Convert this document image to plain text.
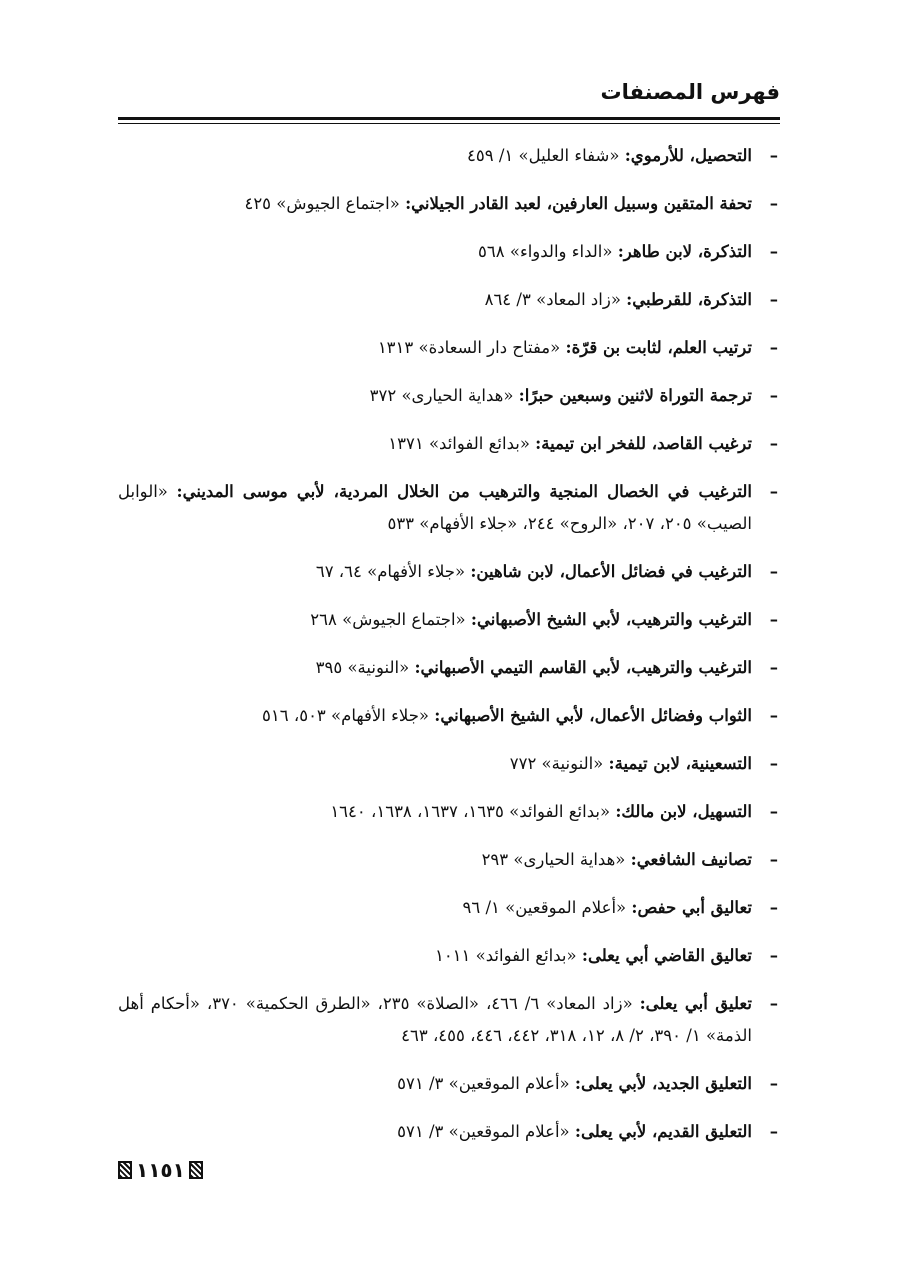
فهرس المصنفات
– التحصيل، للأرموي: «شفاء العليل» ١/ ٤٥٩
– تحفة المتقين وسبيل العارفين، لعبد القادر الجيلاني: «اجتماع الجيوش» ٤٢٥
– التذكرة، لابن طاهر: «الداء والدواء» ٥٦٨
– التذكرة، للقرطبي: «زاد المعاد» ٣/ ٨٦٤
– ترتيب العلم، لثابت بن قرّة: «مفتاح دار السعادة» ١٣١٣
– ترجمة التوراة لاثنين وسبعين حبرًا: «هداية الحيارى» ٣٧٢
– ترغيب القاصد، للفخر ابن تيمية: «بدائع الفوائد» ١٣٧١
– الترغيب في الخصال المنجية والترهيب من الخلال المردية، لأبي موسى المديني: «الوابل الصيب» ٢٠٥، ٢٠٧، «الروح» ٢٤٤، «جلاء الأفهام» ٥٣٣
– الترغيب في فضائل الأعمال، لابن شاهين: «جلاء الأفهام» ٦٤، ٦٧
– الترغيب والترهيب، لأبي الشيخ الأصبهاني: «اجتماع الجيوش» ٢٦٨
– الترغيب والترهيب، لأبي القاسم التيمي الأصبهاني: «النونية» ٣٩٥
– الثواب وفضائل الأعمال، لأبي الشيخ الأصبهاني: «جلاء الأفهام» ٥٠٣، ٥١٦
– التسعينية، لابن تيمية: «النونية» ٧٧٢
– التسهيل، لابن مالك: «بدائع الفوائد» ١٦٣٥، ١٦٣٧، ١٦٣٨، ١٦٤٠
– تصانيف الشافعي: «هداية الحيارى» ٢٩٣
– تعاليق أبي حفص: «أعلام الموقعين» ١/ ٩٦
– تعاليق القاضي أبي يعلى: «بدائع الفوائد» ١٠١١
– تعليق أبي يعلى: «زاد المعاد» ٦/ ٤٦٦، «الصلاة» ٢٣٥، «الطرق الحكمية» ٣٧٠، «أحكام أهل الذمة» ١/ ٣٩٠، ٢/ ٨، ١٢، ٣١٨، ٤٤٢، ٤٤٦، ٤٥٥، ٤٦٣
– التعليق الجديد، لأبي يعلى: «أعلام الموقعين» ٣/ ٥٧١
– التعليق القديم، لأبي يعلى: «أعلام الموقعين» ٣/ ٥٧١
١١٥١
